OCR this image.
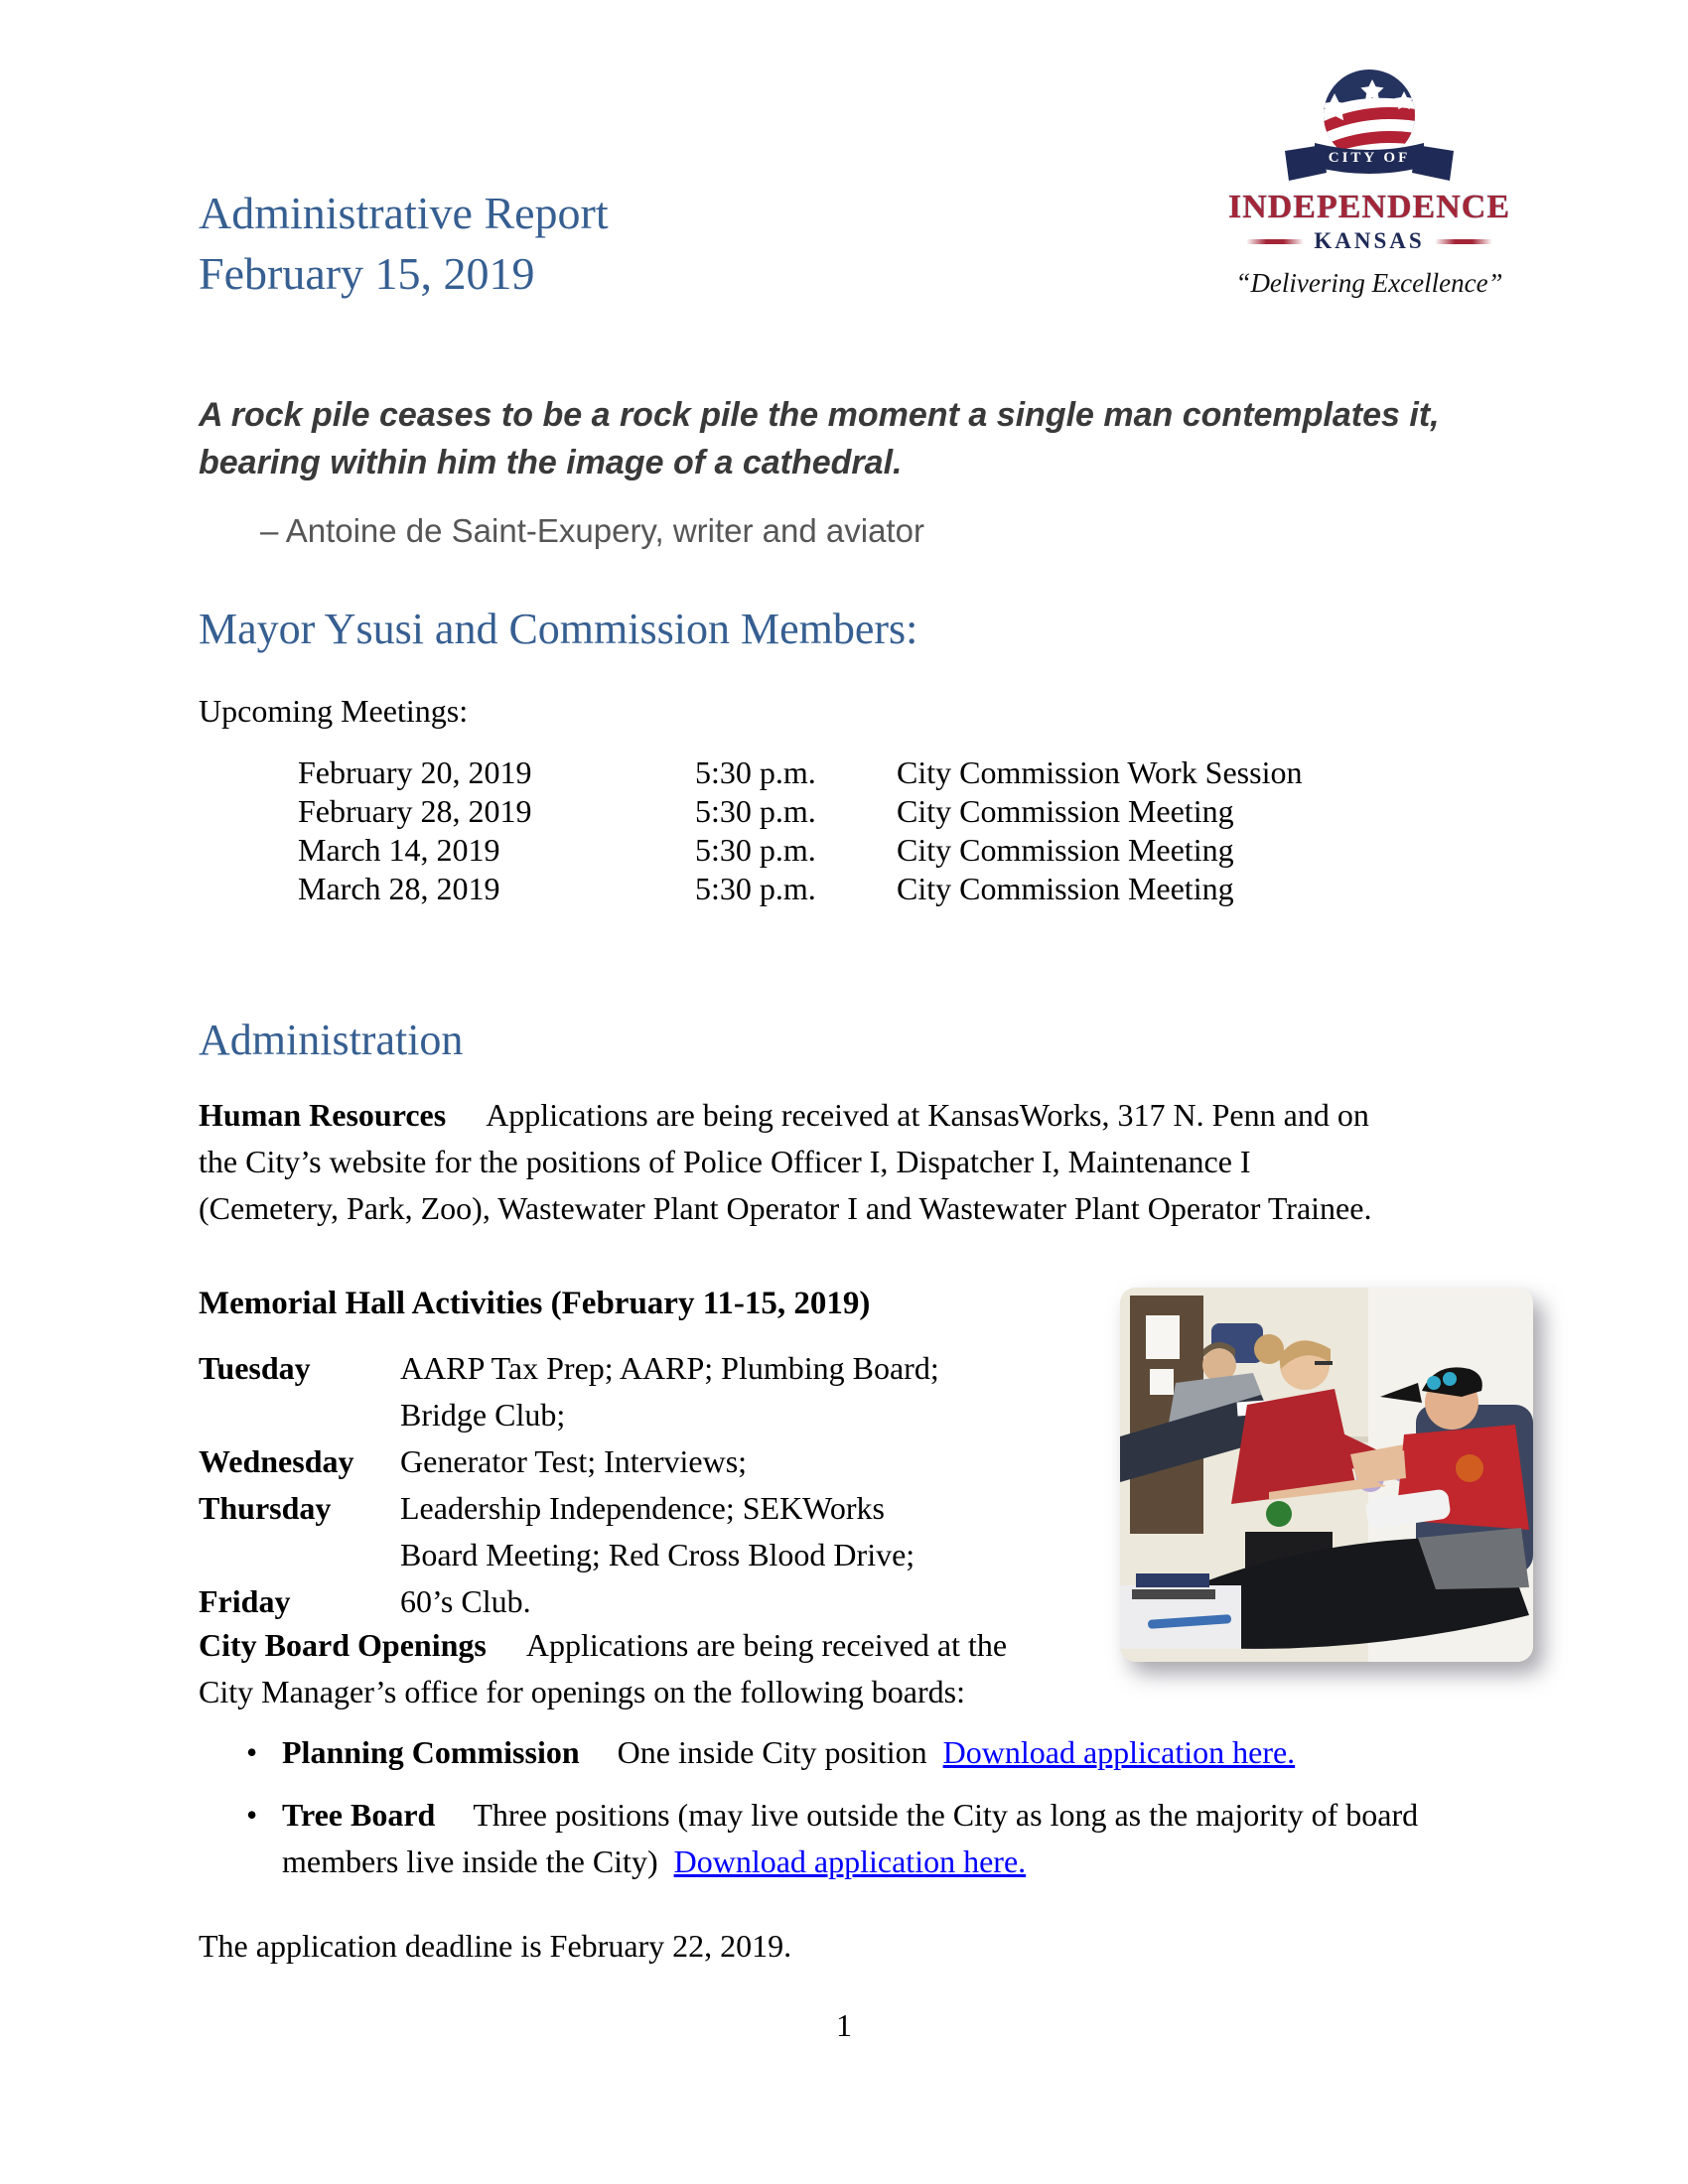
Administrative Report
February 15, 2019
CITY OF
INDEPENDENCE
KANSAS
“Delivering Excellence”
A rock pile ceases to be a rock pile the moment a single man contemplates it, bearing within him the image of a cathedral.
– Antoine de Saint-Exupery, writer and aviator
Mayor Ysusi and Commission Members:
Upcoming Meetings:
February 20, 2019	5:30 p.m.	City Commission Work Session
February 28, 2019	5:30 p.m.	City Commission Meeting
March 14, 2019	5:30 p.m.	City Commission Meeting
March 28, 2019	5:30 p.m.	City Commission Meeting
Administration
Human Resources Applications are being received at KansasWorks, 317 N. Penn and on the City’s website for the positions of Police Officer I, Dispatcher I, Maintenance I (Cemetery, Park, Zoo), Wastewater Plant Operator I and Wastewater Plant Operator Trainee.
Memorial Hall Activities (February 11-15, 2019)
Tuesday	AARP Tax Prep; AARP; Plumbing Board; Bridge Club;
Wednesday	Generator Test; Interviews;
Thursday	Leadership Independence; SEKWorks Board Meeting; Red Cross Blood Drive;
Friday	60’s Club.
City Board Openings Applications are being received at the City Manager’s office for openings on the following boards:
• Planning Commission One inside City position Download application here.
• Tree Board Three positions (may live outside the City as long as the majority of board members live inside the City) Download application here.
The application deadline is February 22, 2019.
1
